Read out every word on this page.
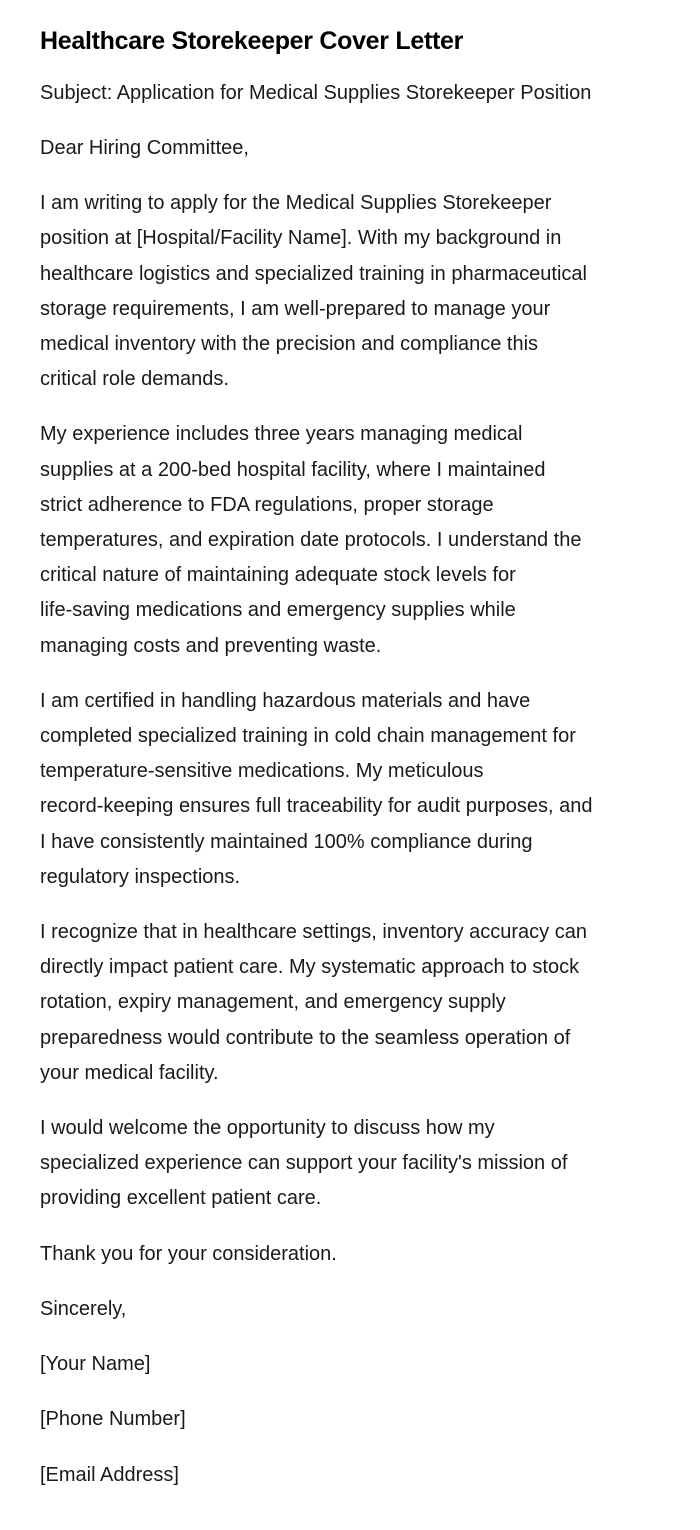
Healthcare Storekeeper Cover Letter

Subject: Application for Medical Supplies Storekeeper Position

Dear Hiring Committee,

I am writing to apply for the Medical Supplies Storekeeper
position at [Hospital/Facility Name]. With my background in
healthcare logistics and specialized training in pharmaceutical
storage requirements, I am well-prepared to manage your
medical inventory with the precision and compliance this
critical role demands.

My experience includes three years managing medical
supplies at a 200-bed hospital facility, where I maintained
strict adherence to FDA regulations, proper storage
temperatures, and expiration date protocols. I understand the
critical nature of maintaining adequate stock levels for
life-saving medications and emergency supplies while
managing costs and preventing waste.

I am certified in handling hazardous materials and have
completed specialized training in cold chain management for
temperature-sensitive medications. My meticulous
record-keeping ensures full traceability for audit purposes, and
I have consistently maintained 100% compliance during
regulatory inspections.

I recognize that in healthcare settings, inventory accuracy can
directly impact patient care. My systematic approach to stock
rotation, expiry management, and emergency supply
preparedness would contribute to the seamless operation of
your medical facility.

I would welcome the opportunity to discuss how my
specialized experience can support your facility's mission of
providing excellent patient care.

Thank you for your consideration.

Sincerely,

[Your Name]

[Phone Number]

[Email Address]
